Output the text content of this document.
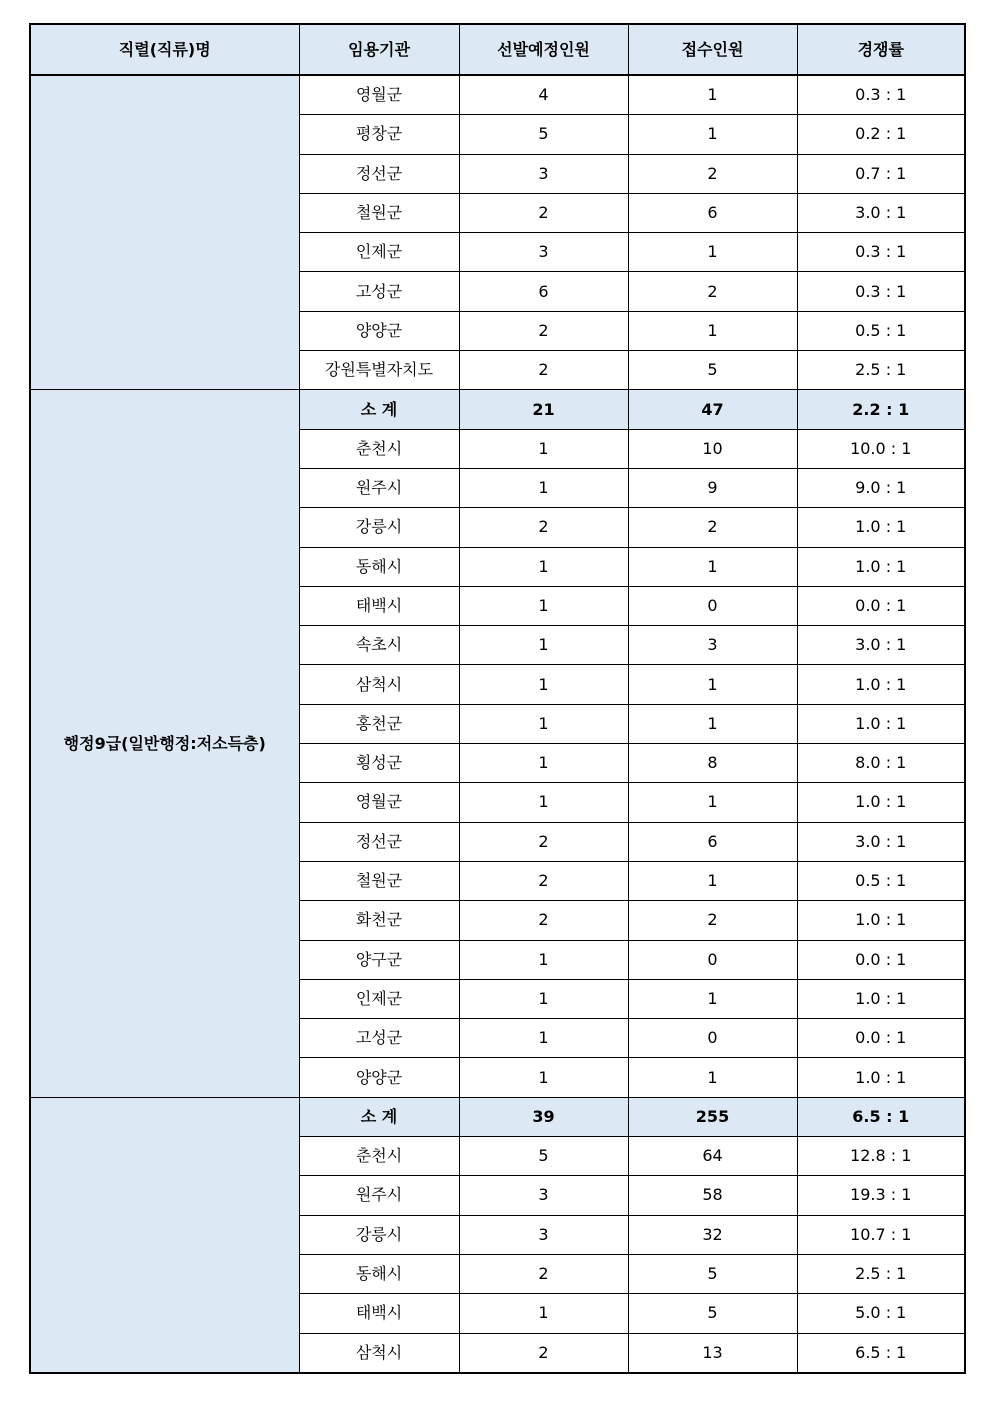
직렬(직류)명	임용기관	선발예정인원	접수인원	경쟁률
	영월군	4	1	0.3 : 1
	평창군	5	1	0.2 : 1
	정선군	3	2	0.7 : 1
	철원군	2	6	3.0 : 1
	인제군	3	1	0.3 : 1
	고성군	6	2	0.3 : 1
	양양군	2	1	0.5 : 1
	강원특별자치도	2	5	2.5 : 1
행정9급(일반행정:저소득층)	소 계	21	47	2.2 : 1
	춘천시	1	10	10.0 : 1
	원주시	1	9	9.0 : 1
	강릉시	2	2	1.0 : 1
	동해시	1	1	1.0 : 1
	태백시	1	0	0.0 : 1
	속초시	1	3	3.0 : 1
	삼척시	1	1	1.0 : 1
	홍천군	1	1	1.0 : 1
	횡성군	1	8	8.0 : 1
	영월군	1	1	1.0 : 1
	정선군	2	6	3.0 : 1
	철원군	2	1	0.5 : 1
	화천군	2	2	1.0 : 1
	양구군	1	0	0.0 : 1
	인제군	1	1	1.0 : 1
	고성군	1	0	0.0 : 1
	양양군	1	1	1.0 : 1
	소 계	39	255	6.5 : 1
	춘천시	5	64	12.8 : 1
	원주시	3	58	19.3 : 1
	강릉시	3	32	10.7 : 1
	동해시	2	5	2.5 : 1
	태백시	1	5	5.0 : 1
	삼척시	2	13	6.5 : 1
